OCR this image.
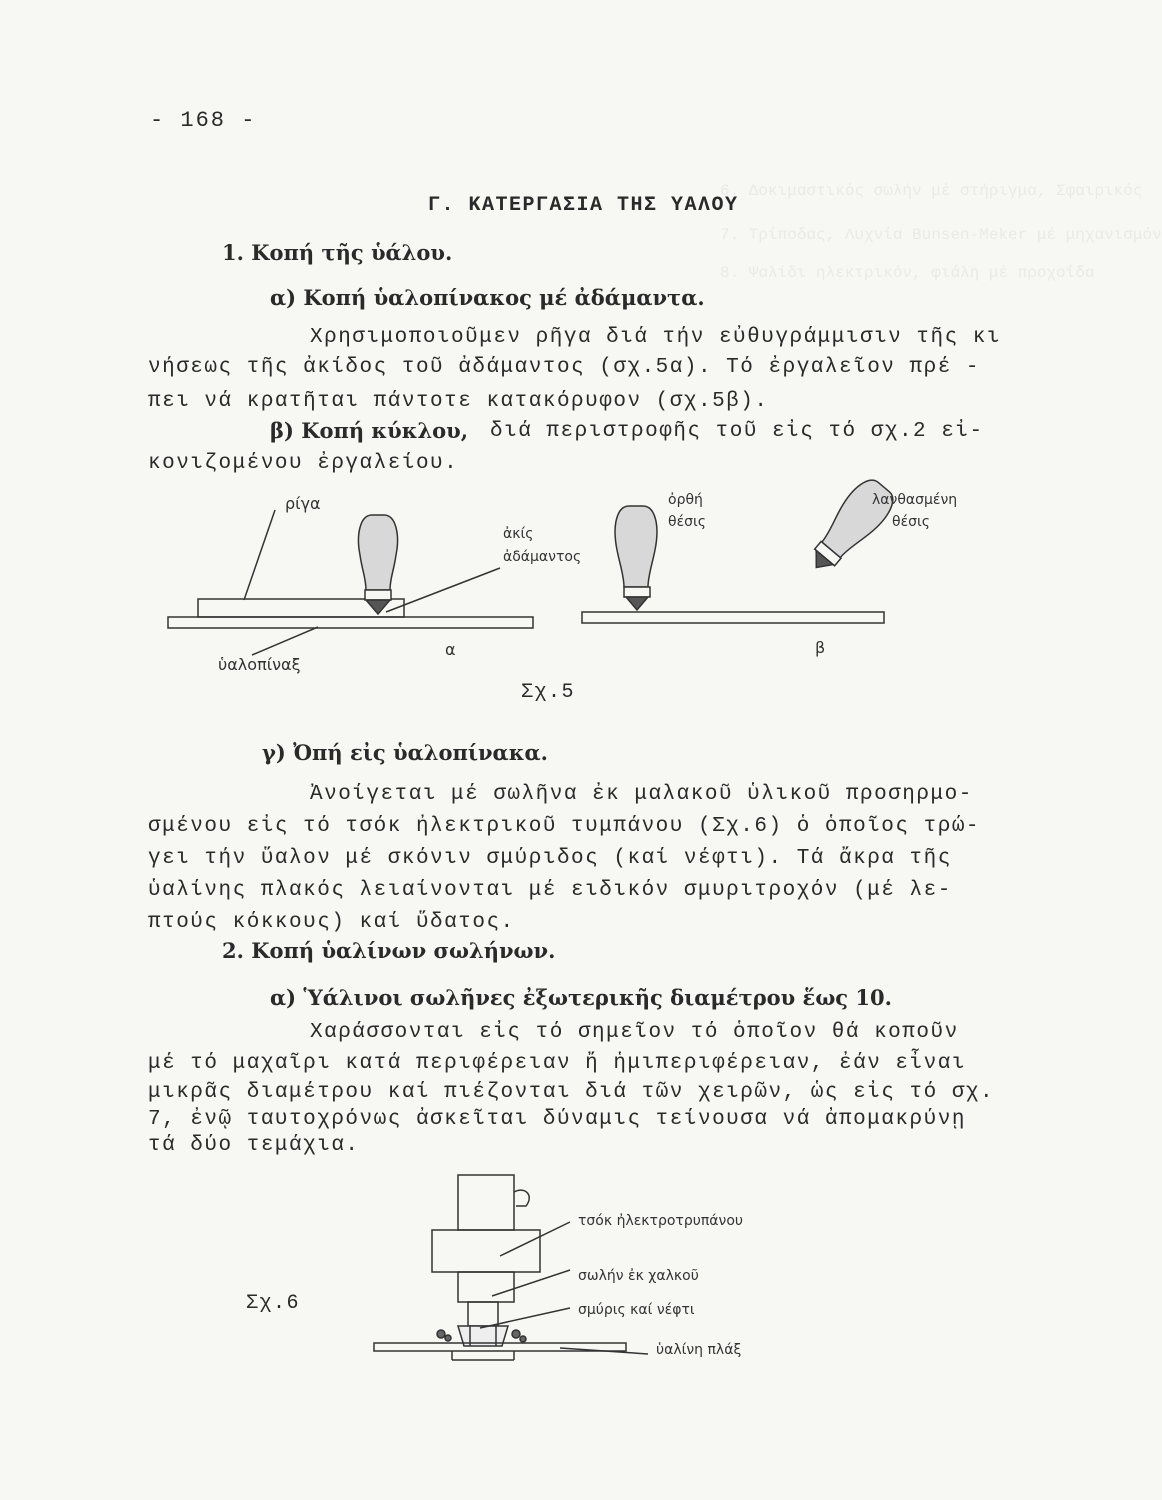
6. Δοκιμαστικός σωλήν μέ στήριγμα, Σφαιρικός
7. Τρίποδας, Λυχνία Bunsen-Meker μέ μηχανισμόν
8. Ψαλίδι ηλεκτρικόν, φιάλη μέ προχοΐδα
- 168 -
Γ. ΚΑΤΕΡΓΑΣΙΑ ΤΗΣ ΥΑΛΟΥ
1. Κοπή τῆς ὑάλου.
α) Κοπή ὑαλοπίνακος μέ ἀδάμαντα.
Χρησιμοποιοῦμεν ρῆγα διά τήν εὐθυγράμμισιν τῆς κι
νήσεως τῆς ἀκίδος τοῦ ἀδάμαντος (σχ.5α). Τό ἐργαλεῖον πρέ -
πει νά κρατῆται πάντοτε κατακόρυφον (σχ.5β).
β) Κοπή κύκλου, διά περιστροφῆς τοῦ εἰς τό σχ.2 εἰ-
κονιζομένου ἐργαλείου.
ρίγα
ἀκίς
ἀδάμαντος
ὑαλοπίναξ
α
ὀρθή
θέσις
λανθασμένη
θέσις
β
Σχ.5
γ) Ὀπή εἰς ὑαλοπίνακα.
Ἀνοίγεται μέ σωλῆνα ἐκ μαλακοῦ ὑλικοῦ προσηρμο-
σμένου εἰς τό τσόκ ἠλεκτρικοῦ τυμπάνου (Σχ.6) ὁ ὁποῖος τρώ-
γει τήν ὕαλον μέ σκόνιν σμύριδος (καί νέφτι). Τά ἄκρα τῆς
ὑαλίνης πλακός λειαίνονται μέ ειδικόν σμυριτροχόν (μέ λε-
πτούς κόκκους) καί ὕδατος.
2. Κοπή ὑαλίνων σωλήνων.
α) Ὑάλινοι σωλῆνες ἐξωτερικῆς διαμέτρου ἕως 10.
Χαράσσονται εἰς τό σημεῖον τό ὁποῖον θά κοποῦν
μέ τό μαχαῖρι κατά περιφέρειαν ἤ ἡμιπεριφέρειαν, ἐάν εἶναι
μικρᾶς διαμέτρου καί πιέζονται διά τῶν χειρῶν, ὡς εἰς τό σχ.
7, ἐνῷ ταυτοχρόνως ἀσκεῖται δύναμις τείνουσα νά ἀπομακρύνῃ
τά δύο τεμάχια.
τσόκ ἠλεκτροτρυπάνου
σωλήν ἐκ χαλκοῦ
σμύρις καί νέφτι
ὑαλίνη πλάξ
Σχ.6
